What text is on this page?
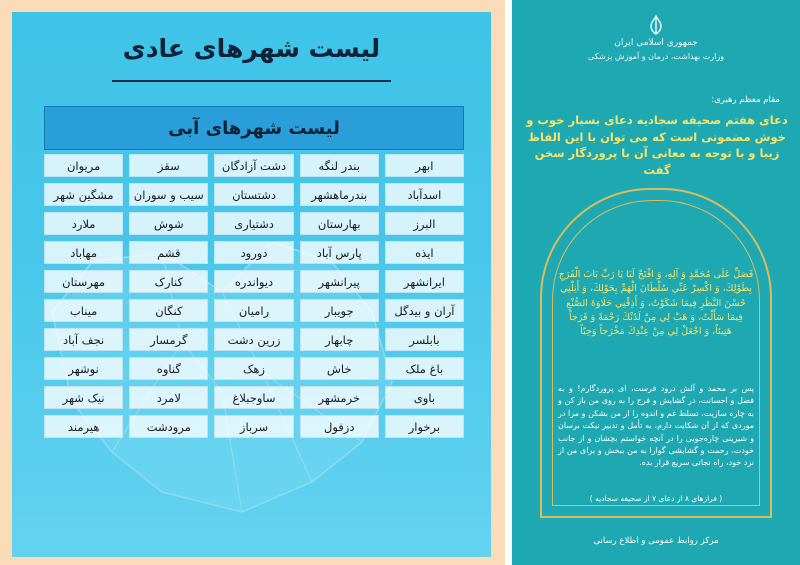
لیست شهرهای عادی
لیست شهرهای آبی
ابهر
بندر لنگه
دشت آزادگان
سقز
مریوان
اسدآباد
بندرماهشهر
دشتستان
سیب و سوران
مشگین شهر
البرز
بهارستان
دشتیاری
شوش
ملارد
ایذه
پارس آباد
دورود
قشم
مهاباد
ایرانشهر
پیرانشهر
دیواندره
کنارک
مهرستان
آران و بیدگل
جویبار
رامیان
کنگان
میناب
بابلسر
چابهار
زرین دشت
گرمسار
نجف آباد
باغ ملک
خاش
زهک
گناوه
نوشهر
باوی
خرمشهر
ساوجبلاغ
لامرد
نیک شهر
برخوار
دزفول
سرباز
مرودشت
هیرمند
جمهوری اسلامی ایران
وزارت بهداشت، درمان و آموزش پزشکی
مقام معظم رهبری:
دعای هفتم صحیفه سجادیه دعای بسیار خوب و خوش مضمونی است که می توان با این الفاظ زیبا و با توجه به معانی آن با پروردگار سخن گفت
فَصَلِّ عَلَى مُحَمَّدٍ وَ آلِهِ، وَ افْتَحْ لَنَا يَا رَبِّ بَابَ الْفَرَجِ بِطَوْلِكَ، وَ اكْسِرْ عَنِّي سُلْطَانَ الْهَمِّ بِحَوْلِكَ، وَ أَنِلْنِي حُسْنَ النَّظَرِ فِيمَا شَكَوْتُ، وَ أَذِقْنِي حَلَاوَةَ الصُّنْعِ فِيمَا سَأَلْتُ، وَ هَبْ لِي مِنْ لَدُنْكَ رَحْمَةً وَ فَرَجاً هَنِيئاً، وَ اجْعَلْ لِي مِنْ عِنْدِكَ مَخْرَجاً وَحِيّاً
پس بر محمد و آلش درود فرست، ای پروردگارم! و به فضل و احسانت، در گشایش و فرج را به روی من باز کن و به چاره سازیت، تسلط غم و اندوه را از من بشکن و مرا در موردی که از آن شکایت دارم، به تأمل و تدبیر نیکت برسان و شیرینی چاره‌جویی را در آنچه خواستم بچشان و از جانب خودت، رحمت و گشایشی گوارا به من ببخش و برای من از نزد خود، راه نجاتی سریع قرار بده.
( فرازهای ۸ از دعای ۷ از صحیفه سجادیه )
مرکز روابط عمومی و اطلاع رسانی
